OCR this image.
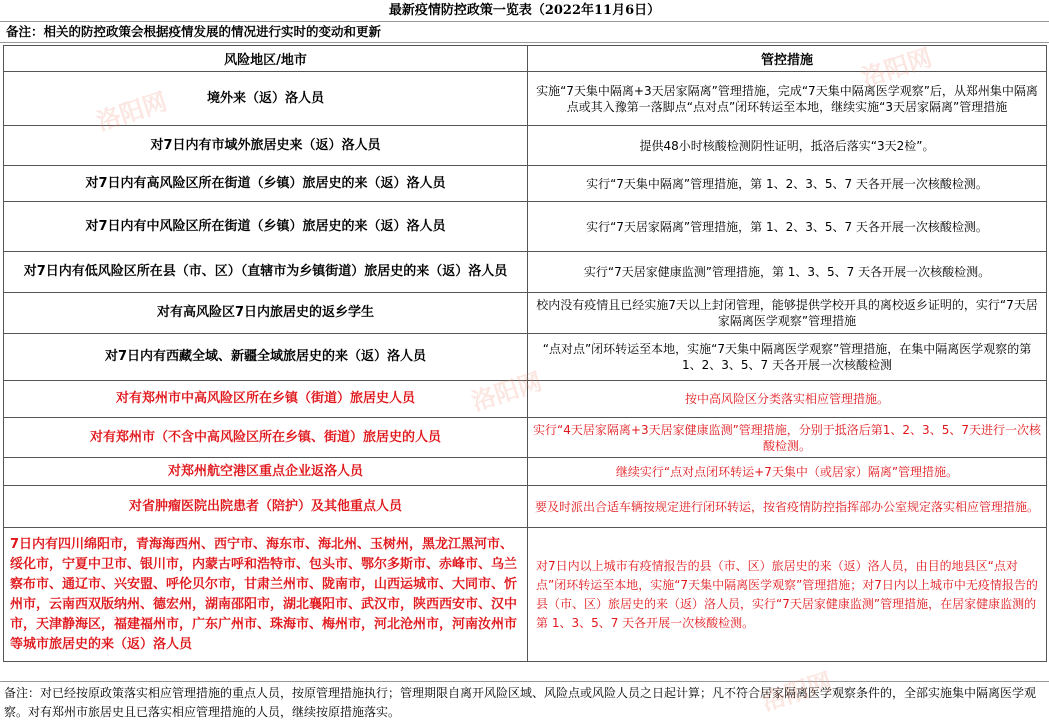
最新疫情防控政策一览表（2022年11月6日）
备注：相关的防控政策会根据疫情发展的情况进行实时的变动和更新
风险地区/地市	管控措施
境外来（返）洛人员	实施“7天集中隔离+3天居家隔离”管理措施，完成“7天集中隔离医学观察”后，从郑州集中隔离点或其入豫第一落脚点“点对点”闭环转运至本地，继续实施“3天居家隔离”管理措施
对7日内有市域外旅居史来（返）洛人员	提供48小时核酸检测阴性证明，抵洛后落实“3天2检”。
对7日内有高风险区所在街道（乡镇）旅居史的来（返）洛人员	实行“7天集中隔离”管理措施，第 1、2、3、5、7 天各开展一次核酸检测。
对7日内有中风险区所在街道（乡镇）旅居史的来（返）洛人员	实行“7天居家隔离”管理措施，第 1、2、3、5、7 天各开展一次核酸检测。
对7日内有低风险区所在县（市、区）（直辖市为乡镇街道）旅居史的来（返）洛人员	实行“7天居家健康监测”管理措施，第 1、3、5、7 天各开展一次核酸检测。
对有高风险区7日内旅居史的返乡学生	校内没有疫情且已经实施7天以上封闭管理，能够提供学校开具的离校返乡证明的，实行“7天居家隔离医学观察”管理措施
对7日内有西藏全域、新疆全域旅居史的来（返）洛人员	“点对点”闭环转运至本地，实施“7天集中隔离医学观察”管理措施，在集中隔离医学观察的第 1、2、3、5、7 天各开展一次核酸检测
对有郑州市中高风险区所在乡镇（街道）旅居史人员	按中高风险区分类落实相应管理措施。
对有郑州市（不含中高风险区所在乡镇、街道）旅居史的人员	实行“4天居家隔离+3天居家健康监测”管理措施，分别于抵洛后第1、2、3、5、7天进行一次核酸检测。
对郑州航空港区重点企业返洛人员	继续实行“点对点闭环转运+7天集中（或居家）隔离”管理措施。
对省肿瘤医院出院患者（陪护）及其他重点人员	要及时派出合适车辆按规定进行闭环转运，按省疫情防控指挥部办公室规定落实相应管理措施。
7日内有四川绵阳市，青海海西州、西宁市、海东市、海北州、玉树州，黑龙江黑河市、绥化市，宁夏中卫市、银川市，内蒙古呼和浩特市、包头市、鄂尔多斯市、赤峰市、乌兰察布市、通辽市、兴安盟、呼伦贝尔市，甘肃兰州市、陇南市，山西运城市、大同市、忻州市，云南西双版纳州、德宏州，湖南邵阳市，湖北襄阳市、武汉市，陕西西安市、汉中市，天津静海区，福建福州市，广东广州市、珠海市、梅州市，河北沧州市，河南汝州市等城市旅居史的来（返）洛人员	对7日内以上城市有疫情报告的县（市、区）旅居史的来（返）洛人员，由目的地县区“点对点”闭环转运至本地，实施“7天集中隔离医学观察”管理措施；对7日内以上城市中无疫情报告的县（市、区）旅居史的来（返）洛人员，实行“7天居家健康监测”管理措施，在居家健康监测的第 1、3、5、7 天各开展一次核酸检测。
备注：对已经按原政策落实相应管理措施的重点人员，按原管理措施执行；管理期限自离开风险区域、风险点或风险人员之日起计算；凡不符合居家隔离医学观察条件的，全部实施集中隔离医学观察。对有郑州市旅居史且已落实相应管理措施的人员，继续按原措施落实。
洛阳网
洛阳网
洛阳网
洛阳网
